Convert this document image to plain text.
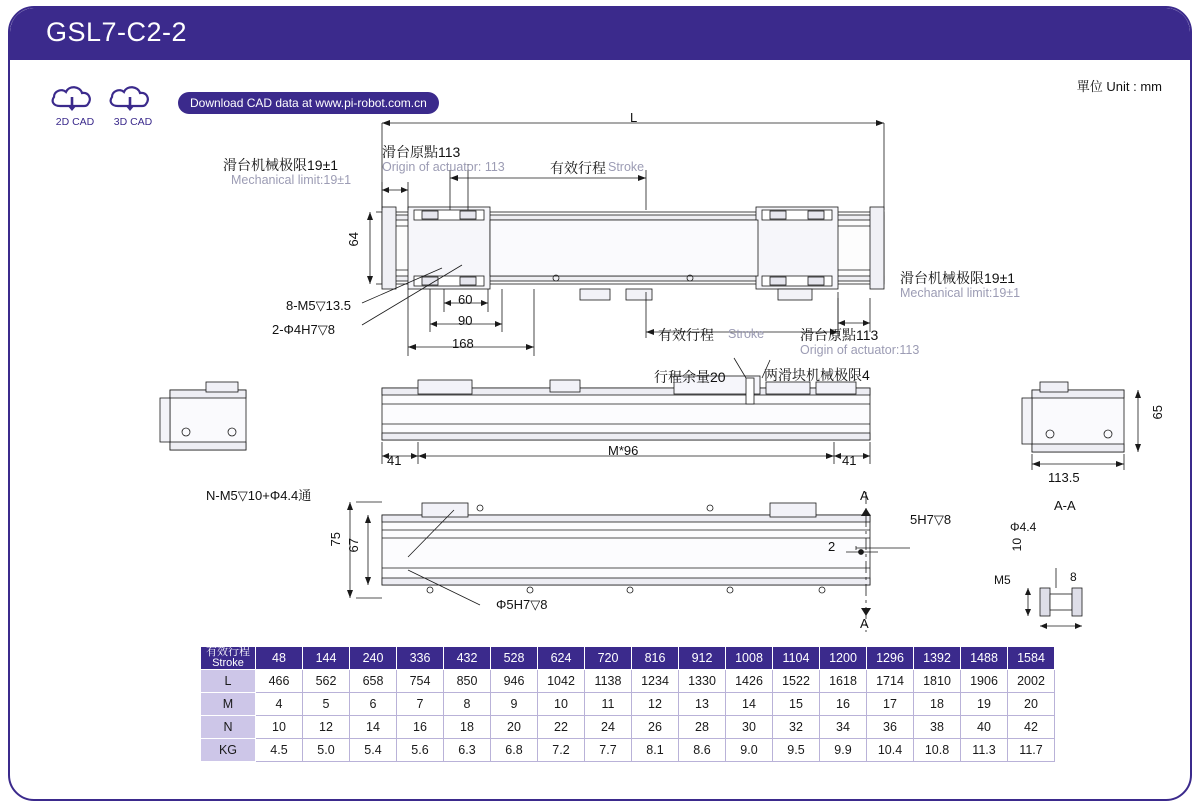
GSL7-C2-2
單位 Unit : mm
2D CAD	3D CAD
Download CAD data at www.pi-robot.com.cn
L
滑台原點113
Origin of actuator: 113	有效行程 Stroke
滑台机械极限19±1
Mechanical limit:19±1
滑台机械极限19±1
Mechanical limit:19±1
有效行程 Stroke	滑台原點113
Origin of actuator:113
64
60
90
168
8-M5▽13.5
2-Φ4H7▽8
行程余量20	两滑块机械极限4
41	41
M*96
N-M5▽10+Φ4.4通
Φ5H7▽8
75 67
A
A
5H7▽8
2
65
113.5
A-A
Φ4.4
M5
10
8
有效行程
Stroke	48	144	240	336	432	528	624	720	816	912	1008	1104	1200	1296	1392	1488	1584
L	466	562	658	754	850	946	1042	1138	1234	1330	1426	1522	1618	1714	1810	1906	2002
M	4	5	6	7	8	9	10	11	12	13	14	15	16	17	18	19	20
N	10	12	14	16	18	20	22	24	26	28	30	32	34	36	38	40	42
KG	4.5	5.0	5.4	5.6	6.3	6.8	7.2	7.7	8.1	8.6	9.0	9.5	9.9	10.4	10.8	11.3	11.7
